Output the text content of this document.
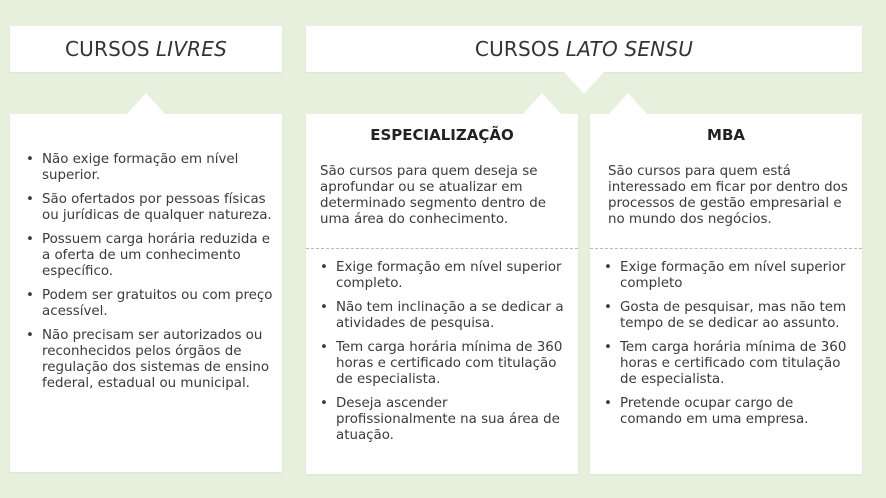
CURSOS LIVRES	CURSOS LATO SENSU
• Não exige formação em nível superior.
• São ofertados por pessoas físicas ou jurídicas de qualquer natureza.
• Possuem carga horária reduzida e a oferta de um conhecimento específico.
• Podem ser gratuitos ou com preço acessível.
• Não precisam ser autorizados ou reconhecidos pelos órgãos de regulação dos sistemas de ensino federal, estadual ou municipal.
ESPECIALIZAÇÃO
São cursos para quem deseja se aprofundar ou se atualizar em determinado segmento dentro de uma área do conhecimento.
• Exige formação em nível superior completo.
• Não tem inclinação a se dedicar a atividades de pesquisa.
• Tem carga horária mínima de 360 horas e certificado com titulação de especialista.
• Deseja ascender profissionalmente na sua área de atuação.
MBA
São cursos para quem está interessado em ficar por dentro dos processos de gestão empresarial e no mundo dos negócios.
• Exige formação em nível superior completo
• Gosta de pesquisar, mas não tem tempo de se dedicar ao assunto.
• Tem carga horária mínima de 360 horas e certificado com titulação de especialista.
• Pretende ocupar cargo de comando em uma empresa.
